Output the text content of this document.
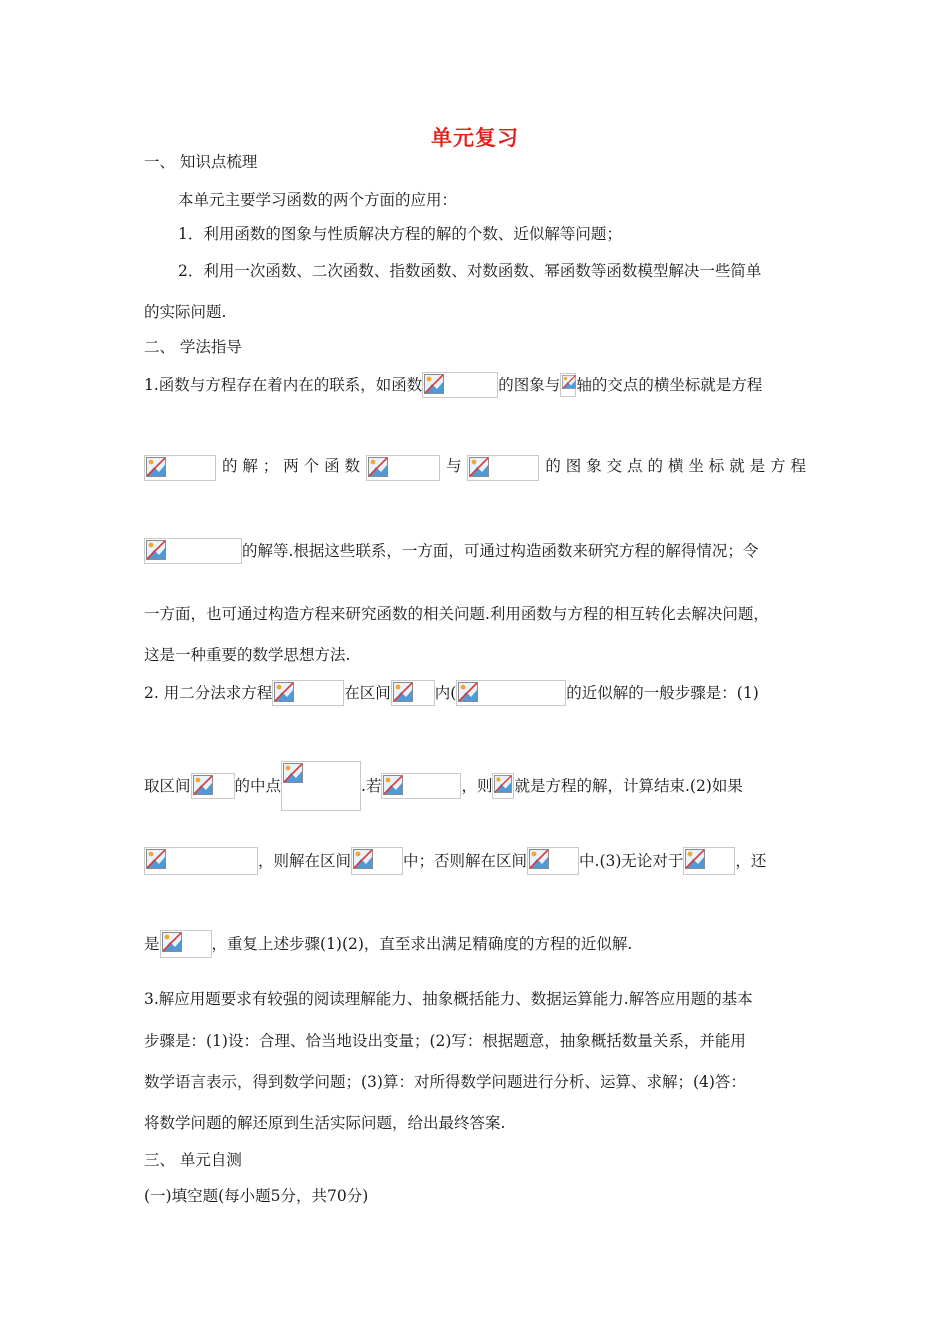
单元复习
一、 知识点梳理
本单元主要学习函数的两个方面的应用：
1．利用函数的图象与性质解决方程的解的个数、近似解等问题；
2．利用一次函数、二次函数、指数函数、对数函数、幂函数等函数模型解决一些简单
的实际问题.
二、 学法指导
1.函数与方程存在着内在的联系，如函数	的图象与 轴的交点的横坐标就是方程
的 解 ； 两 个 函 数	与	的 图 象 交 点 的 横 坐 标 就 是 方 程
的解等.根据这些联系，一方面，可通过构造函数来研究方程的解得情况；令
一方面，也可通过构造方程来研究函数的相关问题.利用函数与方程的相互转化去解决问题，
这是一种重要的数学思想方法.
2. 用二分法求方程	在区间	内(	的近似解的一般步骤是：(1)
取区间	的中点	.若	，则 就是方程的解，计算结束.(2)如果
，则解在区间	中；否则解在区间	中.(3)无论对于	，还
是	，重复上述步骤(1)(2)，直至求出满足精确度的方程的近似解.
3.解应用题要求有较强的阅读理解能力、抽象概括能力、数据运算能力.解答应用题的基本
步骤是：(1)设：合理、恰当地设出变量；(2)写：根据题意，抽象概括数量关系，并能用
数学语言表示，得到数学问题；(3)算：对所得数学问题进行分析、运算、求解；(4)答：
将数学问题的解还原到生活实际问题，给出最终答案.
三、 单元自测
(一)填空题(每小题5分，共70分)
